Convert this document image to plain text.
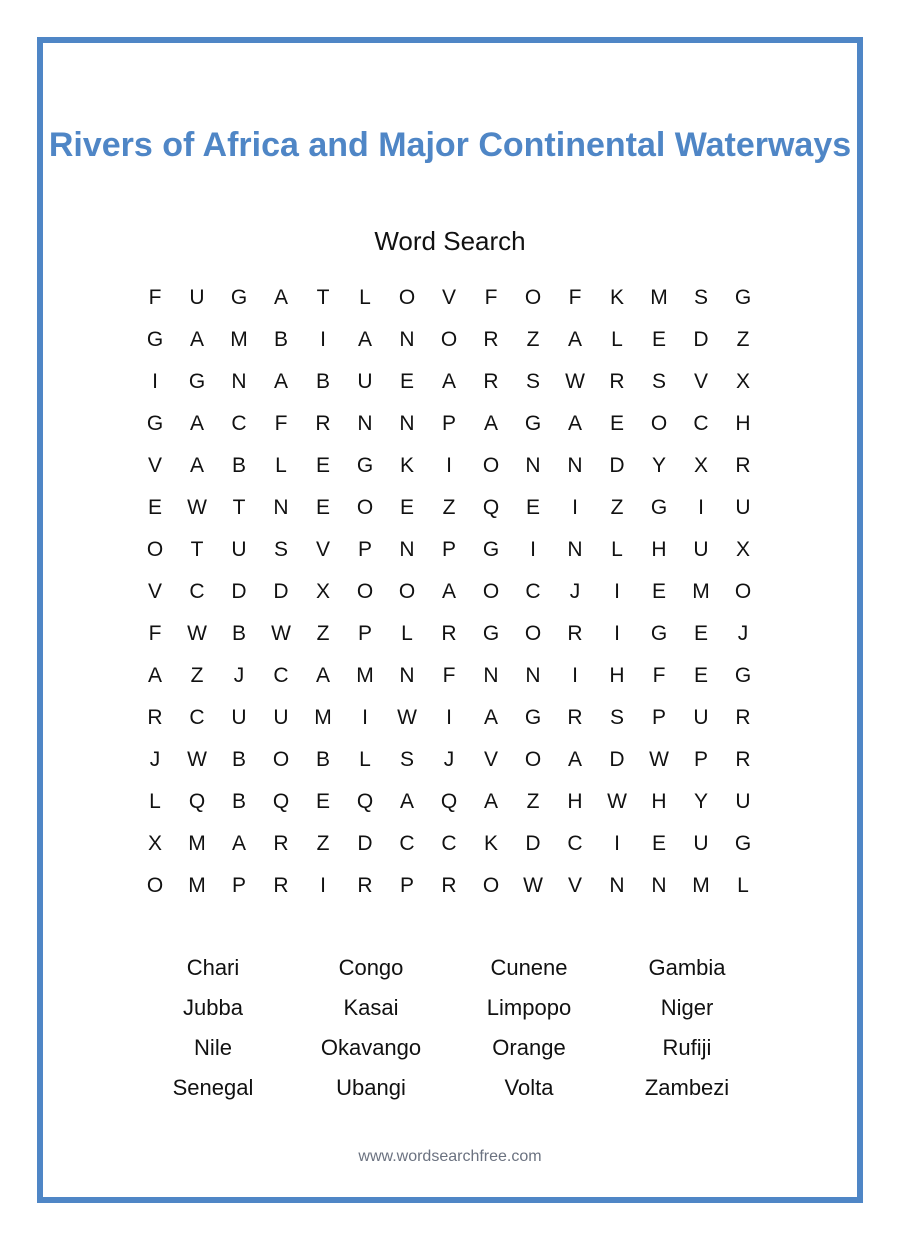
Rivers of Africa and Major Continental Waterways
Word Search
F	U	G	A	T	L	O	V	F	O	F	K	M	S	G
G	A	M	B	I	A	N	O	R	Z	A	L	E	D	Z
I	G	N	A	B	U	E	A	R	S	W	R	S	V	X
G	A	C	F	R	N	N	P	A	G	A	E	O	C	H
V	A	B	L	E	G	K	I	O	N	N	D	Y	X	R
E	W	T	N	E	O	E	Z	Q	E	I	Z	G	I	U
O	T	U	S	V	P	N	P	G	I	N	L	H	U	X
V	C	D	D	X	O	O	A	O	C	J	I	E	M	O
F	W	B	W	Z	P	L	R	G	O	R	I	G	E	J
A	Z	J	C	A	M	N	F	N	N	I	H	F	E	G
R	C	U	U	M	I	W	I	A	G	R	S	P	U	R
J	W	B	O	B	L	S	J	V	O	A	D	W	P	R
L	Q	B	Q	E	Q	A	Q	A	Z	H	W	H	Y	U
X	M	A	R	Z	D	C	C	K	D	C	I	E	U	G
O	M	P	R	I	R	P	R	O	W	V	N	N	M	L
Chari	Congo	Cunene	Gambia
Jubba	Kasai	Limpopo	Niger
Nile	Okavango	Orange	Rufiji
Senegal	Ubangi	Volta	Zambezi
www.wordsearchfree.com
